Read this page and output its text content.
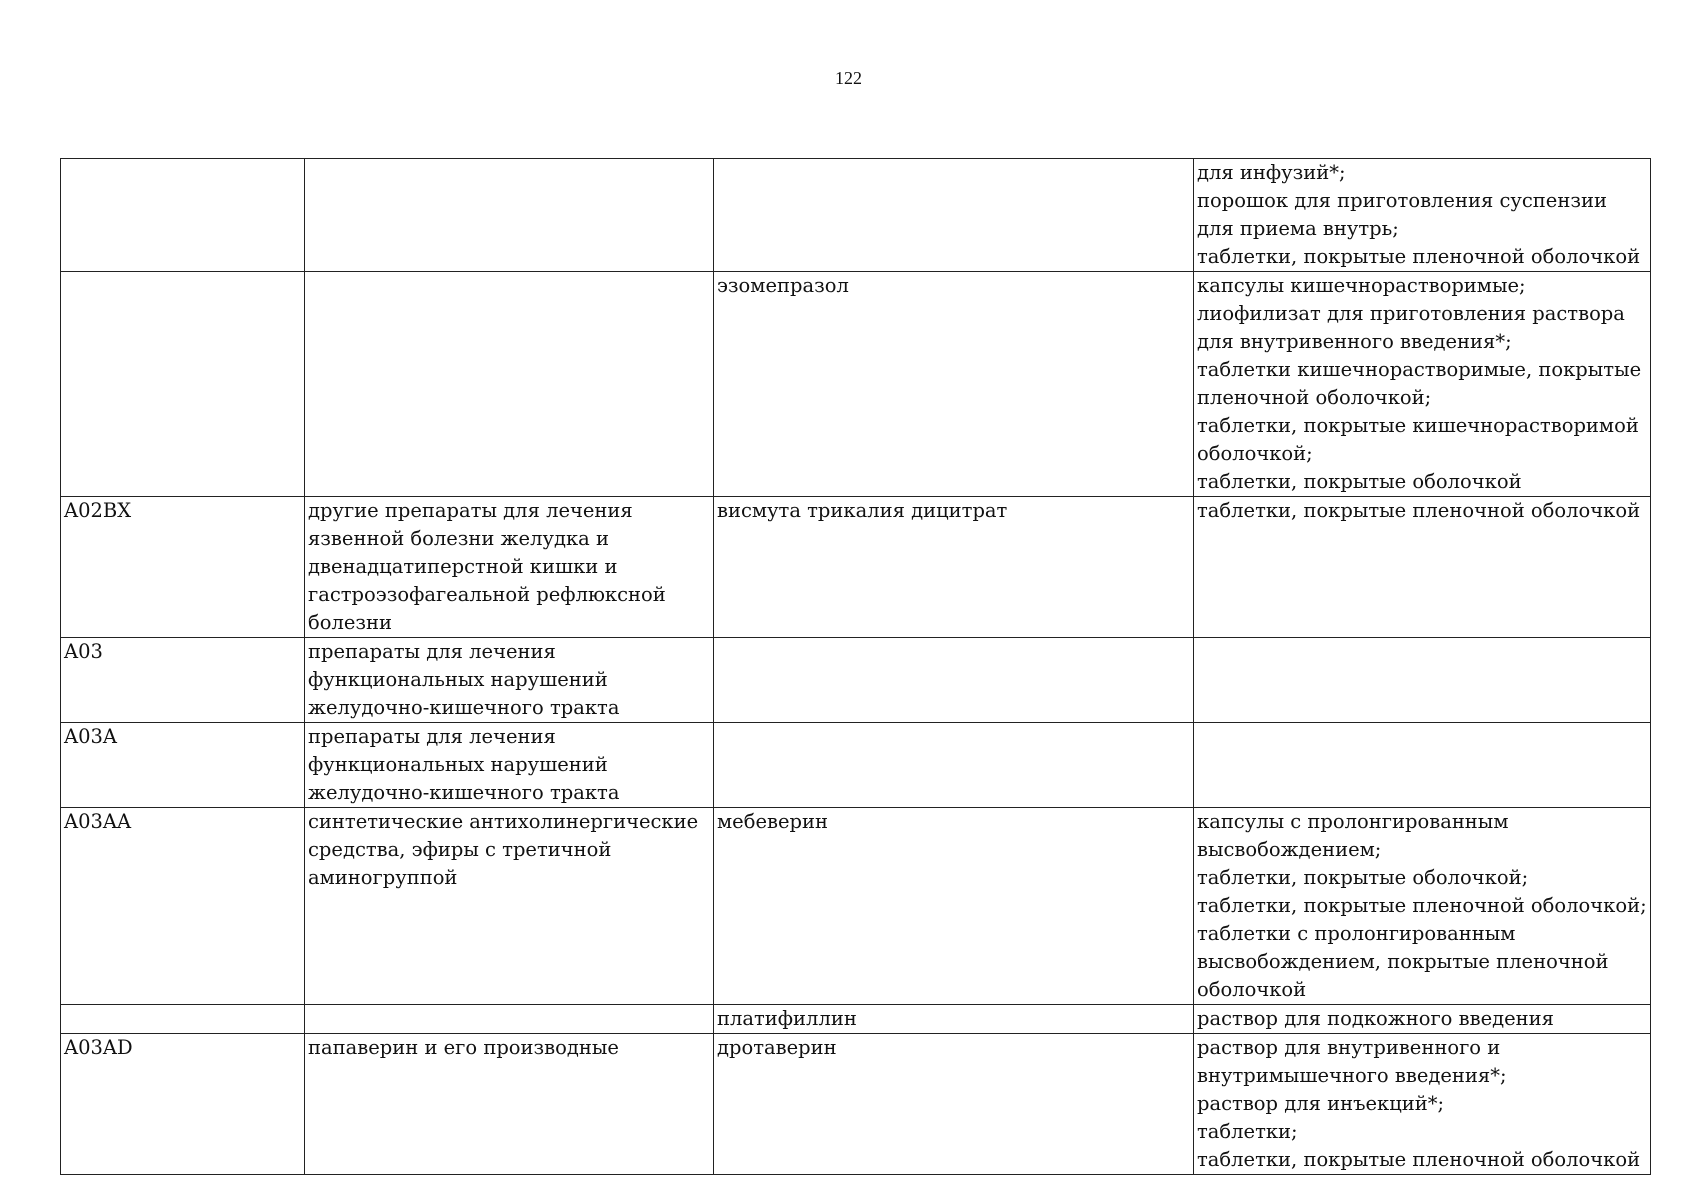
122
			для инфузий*;
порошок для приготовления суспензии для приема внутрь;
таблетки, покрытые пленочной оболочкой
		эзомепразол	капсулы кишечнорастворимые;
лиофилизат для приготовления раствора для внутривенного введения*;
таблетки кишечнорастворимые, покрытые пленочной оболочкой;
таблетки, покрытые кишечнорастворимой оболочкой;
таблетки, покрытые оболочкой
A02BX	другие препараты для лечения язвенной болезни желудка и двенадцатиперстной кишки и гастроэзофагеальной рефлюксной болезни	висмута трикалия дицитрат	таблетки, покрытые пленочной оболочкой
A03	препараты для лечения функциональных нарушений желудочно-кишечного тракта		
A03A	препараты для лечения функциональных нарушений желудочно-кишечного тракта		
A03AA	синтетические антихолинергические средства, эфиры с третичной аминогруппой	мебеверин	капсулы с пролонгированным высвобождением;
таблетки, покрытые оболочкой;
таблетки, покрытые пленочной оболочкой;
таблетки с пролонгированным высвобождением, покрытые пленочной оболочкой
		платифиллин	раствор для подкожного введения
A03AD	папаверин и его производные	дротаверин	раствор для внутривенного и внутримышечного введения*;
раствор для инъекций*;
таблетки;
таблетки, покрытые пленочной оболочкой
